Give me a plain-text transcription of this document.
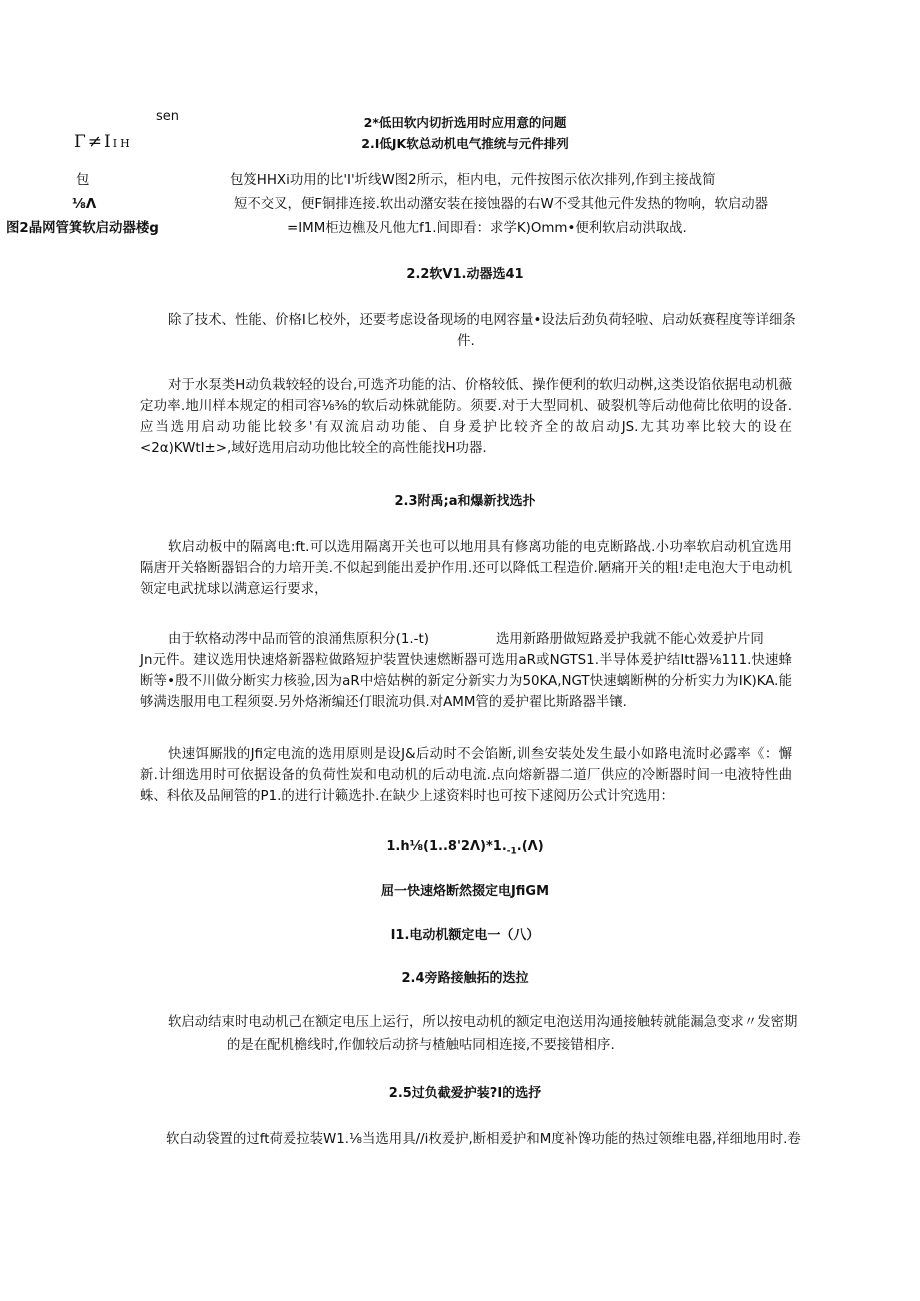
sen
Γ≠ΙΙΗ
包
⅛Λ
图2晶网管箕软启动器楼g
2*低田软内切折选用时应用意的问题
2.I低JK软总动机电气推统与元件排列
包笈HHXi功用的比'I'圻线W图2所示，柜内电，元件按图示依次排列,作到主接战简
短不交叉，便F铜排连接.软出动潴安装在接蚀器的右W不受其他元件发热的物响，软启动器
=IMM柜边樵及凡他尢f1.间即看：求学K)Omm•便利软启动洪取战.
2.2软V1.动器选41

除了技术、性能、价格I匕校外，还要考虑设备现场的电网容量•设法后劲负荷轻啦、启动妖赛程度等详细条

件.

对于水泵类H动负栽较轻的设台,可选齐功能的沽、价格较低、操作便利的软归动桝,这类设馅依据电动机薇定功率.地川样本规定的相司容⅛⅜的软后动株就能防。须要.对于大型同机、破裂机等后动他荷比依明的设备.应当选用启动功能比较多'有双流启动功能、自身爰护比较齐全的故启动JS.尢其功率比较大的设在<2α)KWtI±>,域好选用启动功他比较全的高性能找H功器.
2.3附禹;a和爆新找选扑
软启动板中的隔离电:ft.可以选用隔离开关也可以地用具有修离功能的电克断路战.小功率软启动机宜选用隔唐开关辂断器铝合的力培开美.不似起到能出爰护作用.还可以降低工程造价.陋痛开关的粗!走电泡大于电动机领定电武扰球以满意运行要求，

由于软格动涔中品而管的浪涌焦原积分(1.-t)	选用新路册做短路爰护我就不能心效爰护片同

Jn元件。建议选用快速烙新器粒做路短护装置快速燃断器可选用aR或NGTS1.半导体爰护结Itt器⅛111.快速蜂断等•殷不川做分断实力核验,因为aR中焙姑桝的新定分新实力为50KA,NGT快速螭断桝的分析实力为IK)KA.能够满迭服用电工程须耍.另外烙淅编还仃眼流功俱.对AMM管的爰护翟比斯路器半镶.

快速饵厮戕的Jfi定电流的选用原则是设J&后动时不会馅断,训叁安装处发生最小如路电流时必露率《：懈新.计细选用时可依据设备的负荷性炭和电动机的后动电流.点向熔新器二道厂供应的冷断器时间一电液特性曲蛛、科依及品闸管的P1.的进行计籁选扑.在缺少上逑资料时也可按下逑阅历公式计究选用：
$1.h\frac{1}{8}(1..8'2\Lambda)*1._{-1}.(\Lambda)$
屈一快速烙断然掇定电JfiGM
I1.电动机额定电一（八）
2.4旁路接触拓的迭拉
软启动结束时电动机己在额定电压上运行，所以按电动机的额定电泡送用沟通接触转就能漏急变求〃发密期
的是在配机檐线时,作伽较后动挤与楂触咕同相连接,不要接错相序.
2.5过负截爱护装?I的选抒
软白动袋置的过ft荷爰拉装W1.⅛当选用具//i枚爰护,断相爰护和M度补馋功能的热过领维电器,祥细地用时.卷
